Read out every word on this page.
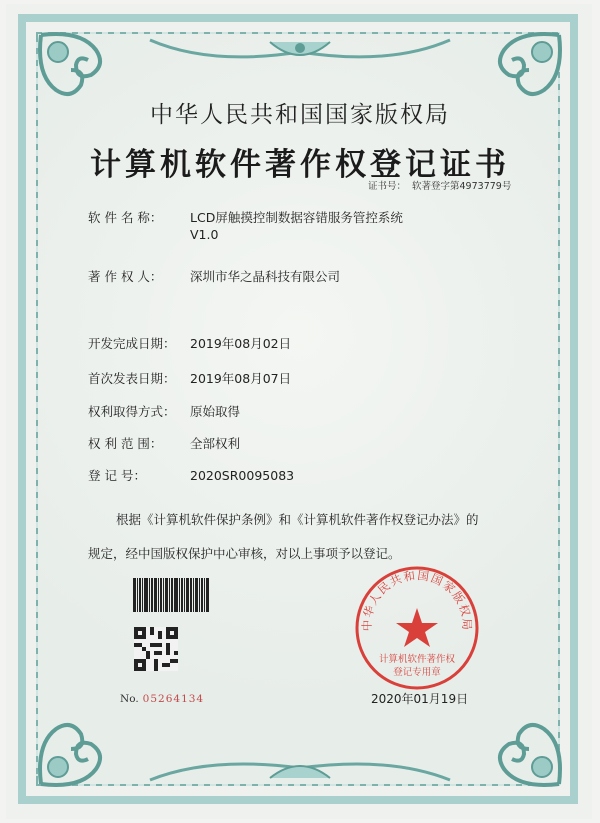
中华人民共和国国家版权局
计算机软件著作权登记证书
证书号： 软著登字第4973779号
软 件 名 称： LCD屏触摸控制数据容错服务管控系统
V1.0
著 作 权 人： 深圳市华之晶科技有限公司
开发完成日期： 2019年08月02日
首次发表日期： 2019年08月07日
权利取得方式： 原始取得
权 利 范 围： 全部权利
登 记 号：	2020SR0095083
根据《计算机软件保护条例》和《计算机软件著作权登记办法》的
规定，经中国版权保护中心审核，对以上事项予以登记。
No. 05264134
中华人民共和国国家版权局
计算机软件著作权
登记专用章
2020年01月19日
